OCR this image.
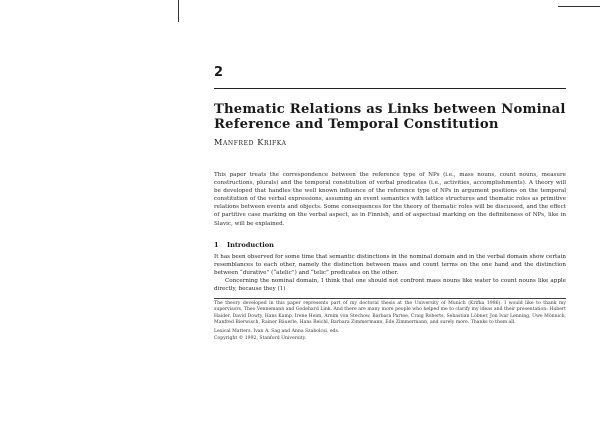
2
Thematic Relations as Links between Nominal Reference and Temporal Constitution
Manfred Krifka
This paper treats the correspondence between the reference type of NPs (i.e., mass nouns, count nouns, measure constructions, plurals) and the temporal constitution of verbal predicates (i.e., activities, accomplishments). A theory will be developed that handles the well known influence of the reference type of NPs in argument positions on the temporal constitution of the verbal expressions, assuming an event semantics with lattice structures and thematic roles as primitive relations between events and objects. Some consequences for the theory of thematic roles will be discussed, and the effect of partitive case marking on the verbal aspect, as in Finnish, and of aspectual marking on the definiteness of NPs, like in Slavic, will be explained.
1 Introduction

It has been observed for some time that semantic distinctions in the nominal domain and in the verbal domain show certain resemblances to each other, namely the distinction between mass and count terms on the one hand and the distinction between “durative” (“atelic”) and “telic” predicates on the other.

Concerning the nominal domain, I think that one should not confront mass nouns like water to count nouns like apple directly, because they (1)

The theory developed in this paper represents part of my doctoral thesis at the University of Munich (Krifka 1986). I would like to thank my supervisors, Theo Vennemann and Godehard Link. And there are many more people who helped me to clarify my ideas and their presentation: Hubert Haider, David Dowty, Hans Kamp, Irene Heim, Arnim von Stechow, Barbara Partee, Craig Roberts, Sebastian Löbner, Jon Ivar Lønning, Uwe Mönnich, Manfred Bierwisch, Rainer Bäuerle, Hans Reichl, Barbara Zimmermann, Ede Zimmermann, and surely more. Thanks to them all.
Lexical Matters. Ivan A. Sag and Anna Szabolcsi, eds.
Copyright © 1992, Stanford University.
